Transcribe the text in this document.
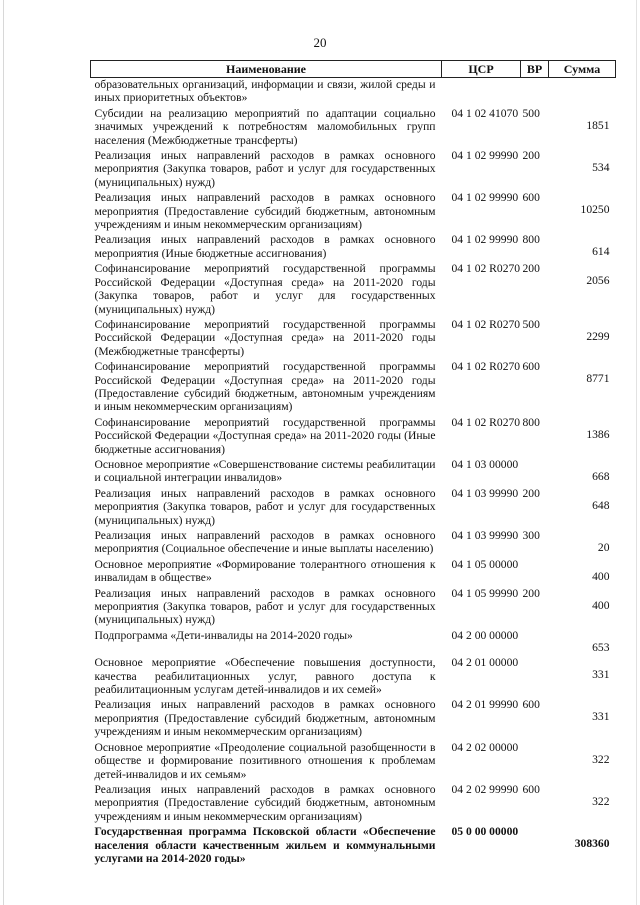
20
Наименование	ЦСР	ВР	Сумма
образовательных организаций, информации и связи, жилой среды и иных приоритетных объектов»			
Субсидии на реализацию мероприятий по адаптации социально значимых учреждений к потребностям маломобильных групп населения (Межбюджетные трансферты)	04 1 02 41070	500	1851
Реализация иных направлений расходов в рамках основного мероприятия (Закупка товаров, работ и услуг для государственных (муниципальных) нужд)	04 1 02 99990	200	534
Реализация иных направлений расходов в рамках основного мероприятия (Предоставление субсидий бюджетным, автономным учреждениям и иным некоммерческим организациям)	04 1 02 99990	600	10250
Реализация иных направлений расходов в рамках основного мероприятия (Иные бюджетные ассигнования)	04 1 02 99990	800	614
Софинансирование мероприятий государственной программы Российской Федерации «Доступная среда» на 2011-2020 годы (Закупка товаров, работ и услуг для государственных (муниципальных) нужд)	04 1 02 R0270	200	2056
Софинансирование мероприятий государственной программы Российской Федерации «Доступная среда» на 2011-2020 годы (Межбюджетные трансферты)	04 1 02 R0270	500	2299
Софинансирование мероприятий государственной программы Российской Федерации «Доступная среда» на 2011-2020 годы (Предоставление субсидий бюджетным, автономным учреждениям и иным некоммерческим организациям)	04 1 02 R0270	600	8771
Софинансирование мероприятий государственной программы Российской Федерации «Доступная среда» на 2011-2020 годы (Иные бюджетные ассигнования)	04 1 02 R0270	800	1386
Основное мероприятие «Совершенствование системы реабилитации и социальной интеграции инвалидов»	04 1 03 00000		668
Реализация иных направлений расходов в рамках основного мероприятия (Закупка товаров, работ и услуг для государственных (муниципальных) нужд)	04 1 03 99990	200	648
Реализация иных направлений расходов в рамках основного мероприятия (Социальное обеспечение и иные выплаты населению)	04 1 03 99990	300	20
Основное мероприятие «Формирование толерантного отношения к инвалидам в обществе»	04 1 05 00000		400
Реализация иных направлений расходов в рамках основного мероприятия (Закупка товаров, работ и услуг для государственных (муниципальных) нужд)	04 1 05 99990	200	400
Подпрограмма «Дети-инвалиды на 2014-2020 годы»	04 2 00 00000		653
Основное мероприятие «Обеспечение повышения доступности, качества реабилитационных услуг, равного доступа к реабилитационным услугам детей-инвалидов и их семей»	04 2 01 00000		331
Реализация иных направлений расходов в рамках основного мероприятия (Предоставление субсидий бюджетным, автономным учреждениям и иным некоммерческим организациям)	04 2 01 99990	600	331
Основное мероприятие «Преодоление социальной разобщенности в обществе и формирование позитивного отношения к проблемам детей-инвалидов и их семьям»	04 2 02 00000		322
Реализация иных направлений расходов в рамках основного мероприятия (Предоставление субсидий бюджетным, автономным учреждениям и иным некоммерческим организациям)	04 2 02 99990	600	322
Государственная программа Псковской области «Обеспечение населения области качественным жильем и коммунальными услугами на 2014-2020 годы»	05 0 00 00000		308360
